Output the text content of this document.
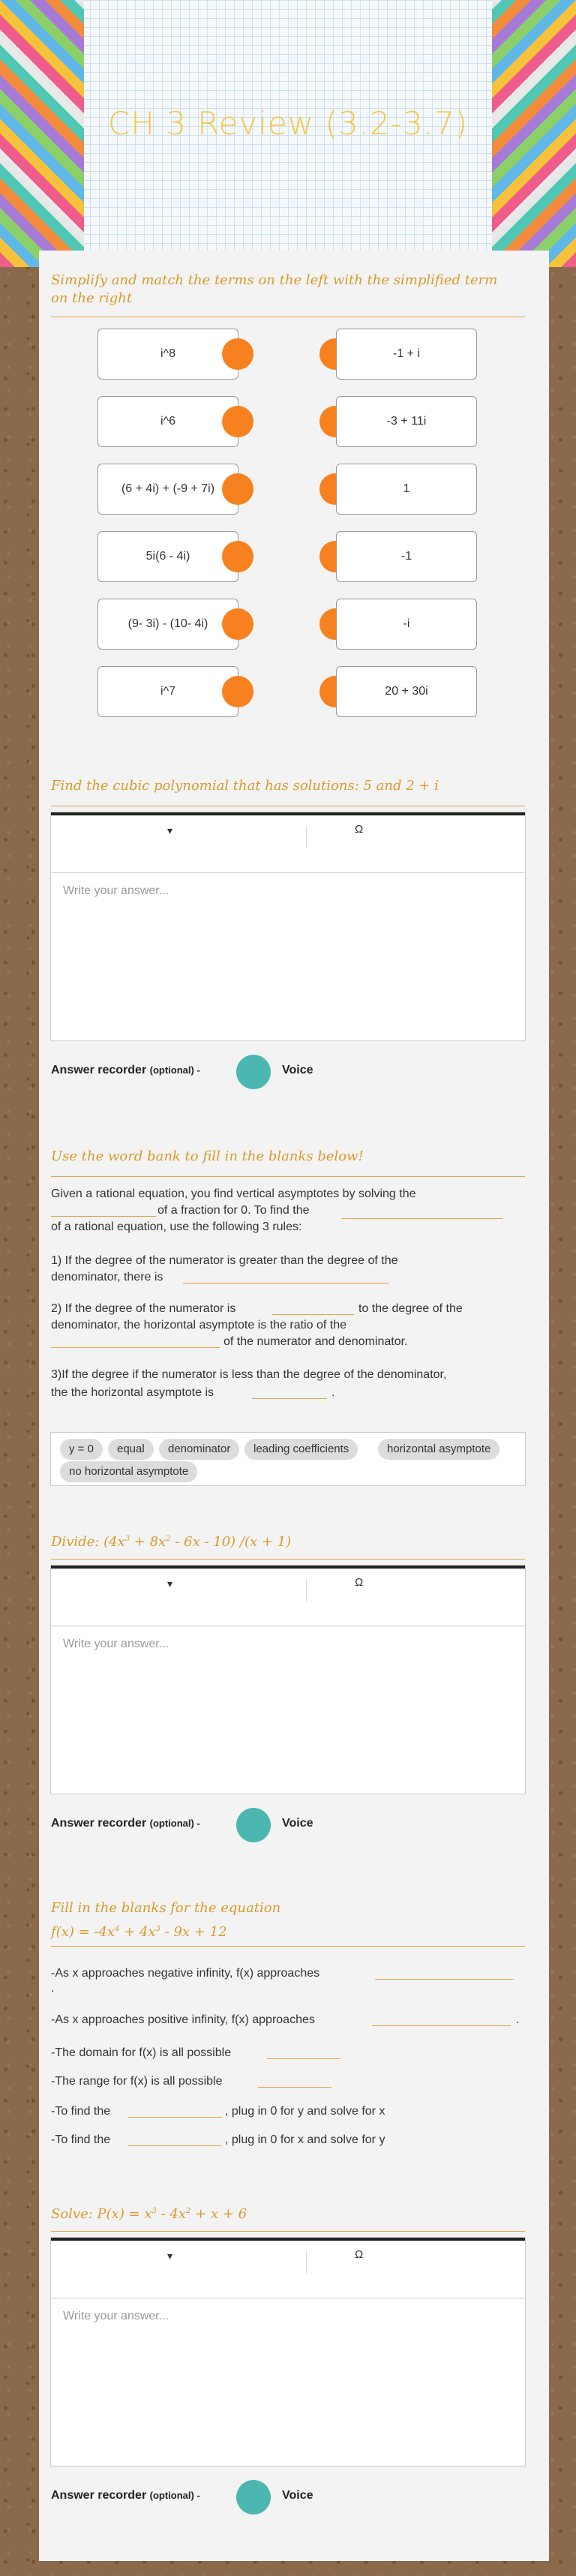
CH 3 Review (3.2-3.7)
Simplify and match the terms on the left with the simplified term on the right
i^8	-1 + i
i^6	-3 + 11i
(6 + 4i) + (-9 + 7i)	1
5i(6 - 4i)	-1
(9- 3i) - (10- 4i)	-i
i^7	20 + 30i
Find the cubic polynomial that has solutions: 5 and 2 + i
▾	Ω
Write your answer...
Answer recorder (optional) -	Voice
Use the word bank to fill in the blanks below!
Given a rational equation, you find vertical asymptotes by solving the
of a fraction for 0. To find the
of a rational equation, use the following 3 rules:
1) If the degree of the numerator is greater than the degree of the
denominator, there is
2) If the degree of the numerator is	to the degree of the
denominator, the horizontal asymptote is the ratio of the
of the numerator and denominator.
3)If the degree if the numerator is less than the degree of the denominator,
the the horizontal asymptote is	.
y = 0	equal	denominator	leading coefficients	horizontal asymptote
no horizontal asymptote
Divide: $(4x^3 + 8x^2 - 6x - 10) /(x + 1)$
▾	Ω
Write your answer...
Answer recorder (optional) -	Voice
Fill in the blanks for the equation
$f(x) = -4x^4 + 4x^3 - 9x + 12$
-As x approaches negative infinity, f(x) approaches
.
-As x approaches positive infinity, f(x) approaches	.
-The domain for f(x) is all possible
-The range for f(x) is all possible
-To find the	, plug in 0 for y and solve for x
-To find the	, plug in 0 for x and solve for y
Solve: $P(x) = x^3 - 4x^2 + x + 6$
▾	Ω
Write your answer...
Answer recorder (optional) -	Voice
